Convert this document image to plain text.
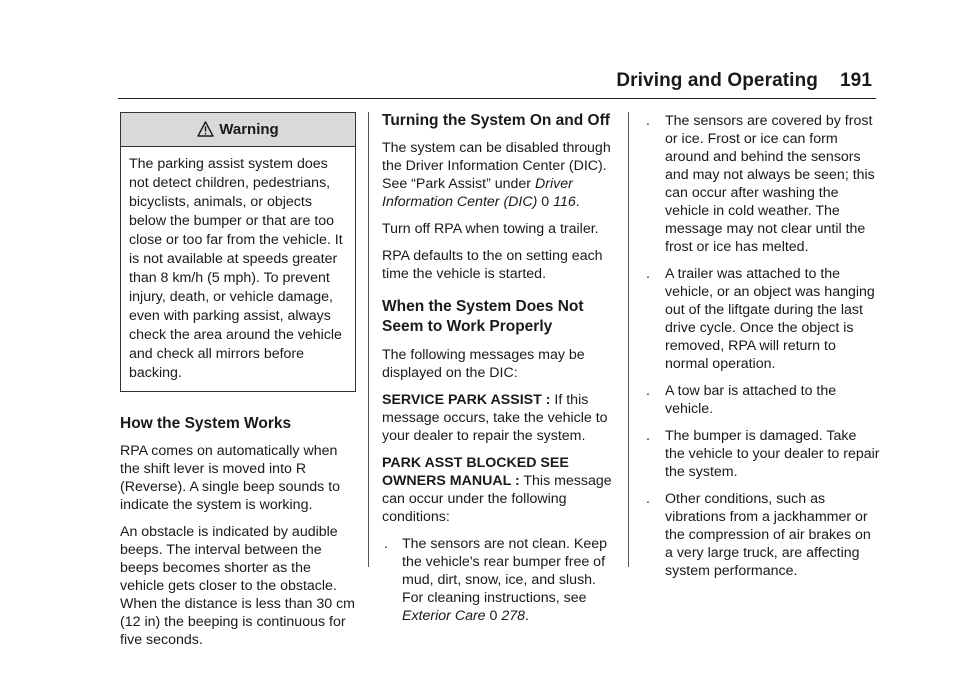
Driving and Operating 191
Warning
The parking assist system does not detect children, pedestrians, bicyclists, animals, or objects below the bumper or that are too close or too far from the vehicle. It is not available at speeds greater than 8 km/h (5 mph). To prevent injury, death, or vehicle damage, even with parking assist, always check the area around the vehicle and check all mirrors before backing.
How the System Works

RPA comes on automatically when the shift lever is moved into R (Reverse). A single beep sounds to indicate the system is working.

An obstacle is indicated by audible beeps. The interval between the beeps becomes shorter as the vehicle gets closer to the obstacle. When the distance is less than 30 cm (12 in) the beeping is continuous for five seconds.

Turning the System On and Off

The system can be disabled through the Driver Information Center (DIC). See “Park Assist” under Driver Information Center (DIC) 0 116.

Turn off RPA when towing a trailer.

RPA defaults to the on setting each time the vehicle is started.

When the System Does Not Seem to Work Properly

The following messages may be displayed on the DIC:

SERVICE PARK ASSIST : If this message occurs, take the vehicle to your dealer to repair the system.

PARK ASST BLOCKED SEE OWNERS MANUAL : This message can occur under the following conditions:

. The sensors are not clean. Keep the vehicle's rear bumper free of mud, dirt, snow, ice, and slush. For cleaning instructions, see Exterior Care 0 278.
. The sensors are covered by frost or ice. Frost or ice can form around and behind the sensors and may not always be seen; this can occur after washing the vehicle in cold weather. The message may not clear until the frost or ice has melted.
. A trailer was attached to the vehicle, or an object was hanging out of the liftgate during the last drive cycle. Once the object is removed, RPA will return to normal operation.
. A tow bar is attached to the vehicle.
. The bumper is damaged. Take the vehicle to your dealer to repair the system.
. Other conditions, such as vibrations from a jackhammer or the compression of air brakes on a very large truck, are affecting system performance.
